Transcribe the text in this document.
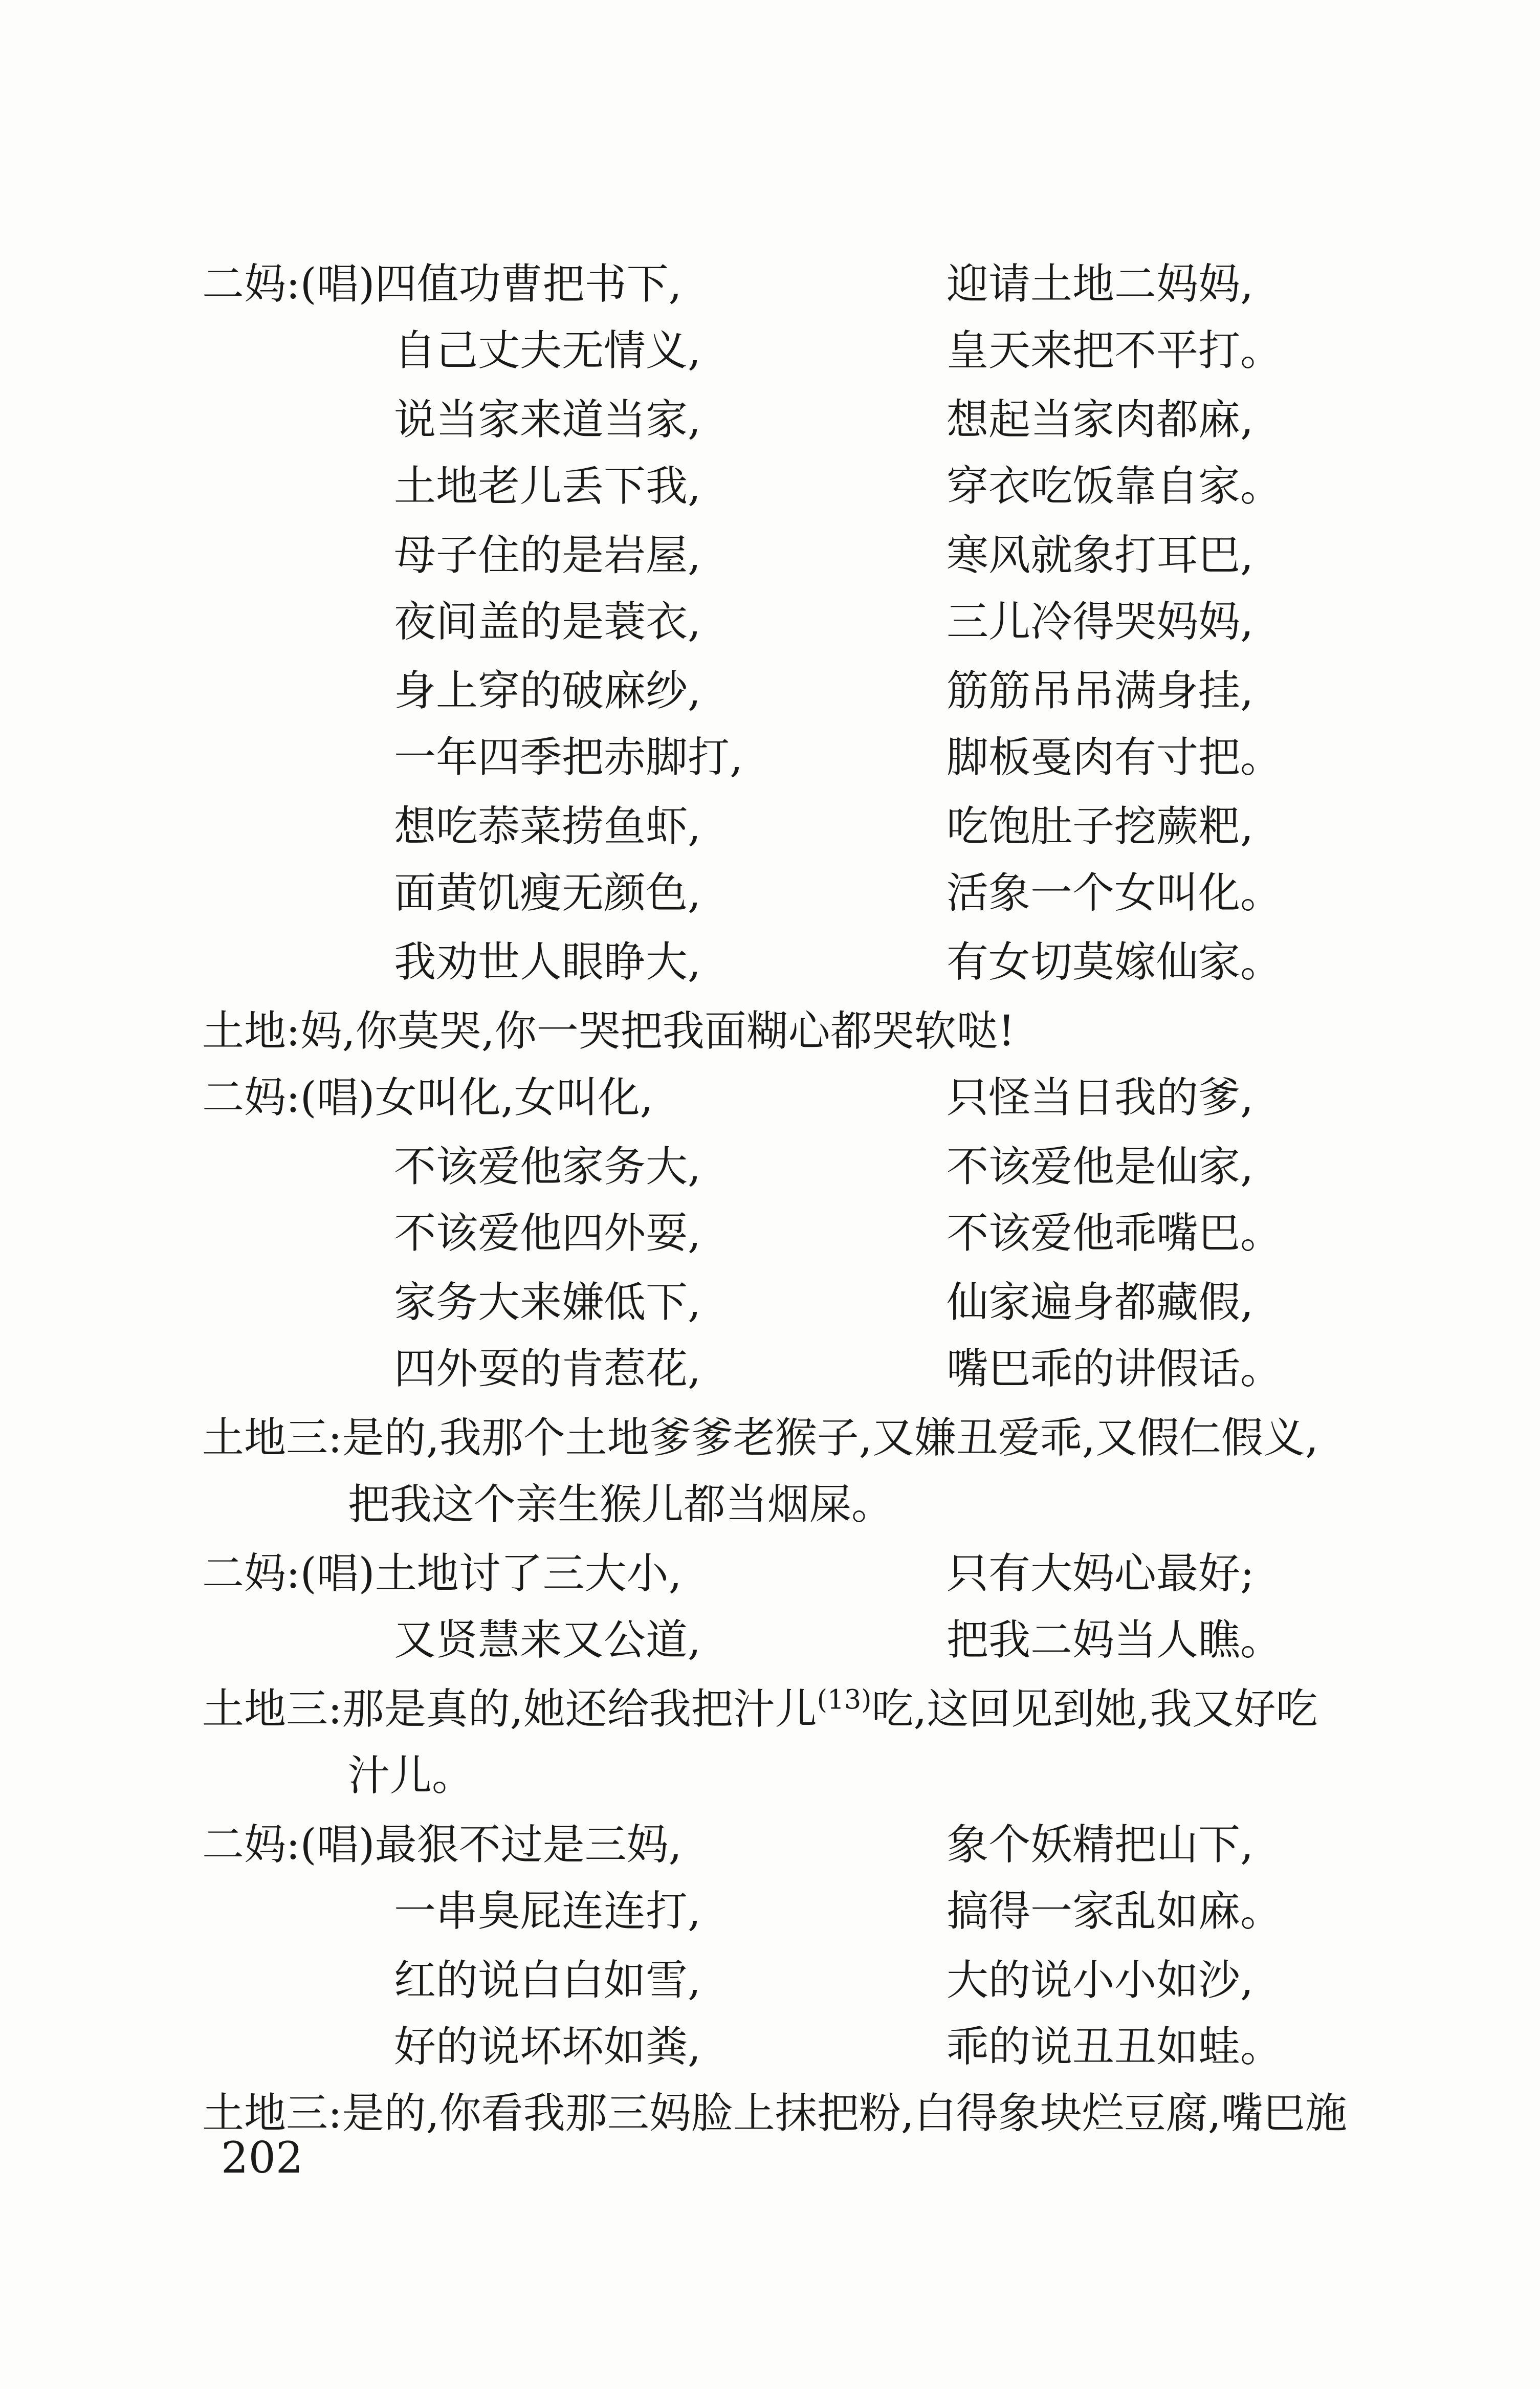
二妈:(唱)四值功曹把书下,	迎请土地二妈妈,
自己丈夫无情义,	皇天来把不平打。
说当家来道当家,	想起当家肉都麻,
土地老儿丢下我,	穿衣吃饭靠自家。
母子住的是岩屋,	寒风就象打耳巴,
夜间盖的是蓑衣,	三儿冷得哭妈妈,
身上穿的破麻纱,	筋筋吊吊满身挂,
一年四季把赤脚打,	脚板戞肉有寸把。
想吃菾菜捞鱼虾,	吃饱肚子挖蕨粑,
面黄饥瘦无颜色,	活象一个女叫化。
我劝世人眼睁大,	有女切莫嫁仙家。
土地:妈,你莫哭,你一哭把我面糊心都哭软哒!
二妈:(唱)女叫化,女叫化,	只怪当日我的爹,
不该爱他家务大,	不该爱他是仙家,
不该爱他四外耍,	不该爱他乖嘴巴。
家务大来嫌低下,	仙家遍身都藏假,
四外耍的肯惹花,	嘴巴乖的讲假话。
土地三:是的,我那个土地爹爹老猴子,又嫌丑爱乖,又假仁假义,
把我这个亲生猴儿都当烟屎。
二妈:(唱)土地讨了三大小,	只有大妈心最好;
又贤慧来又公道,	把我二妈当人瞧。
土地三:那是真的,她还给我把汁儿$^{(13)}$吃,这回见到她,我又好吃
汁儿。
二妈:(唱)最狠不过是三妈,	象个妖精把山下,
一串臭屁连连打,	搞得一家乱如麻。
红的说白白如雪,	大的说小小如沙,
好的说坏坏如粪,	乖的说丑丑如蛙。
土地三:是的,你看我那三妈脸上抹把粉,白得象块烂豆腐,嘴巴施
202
